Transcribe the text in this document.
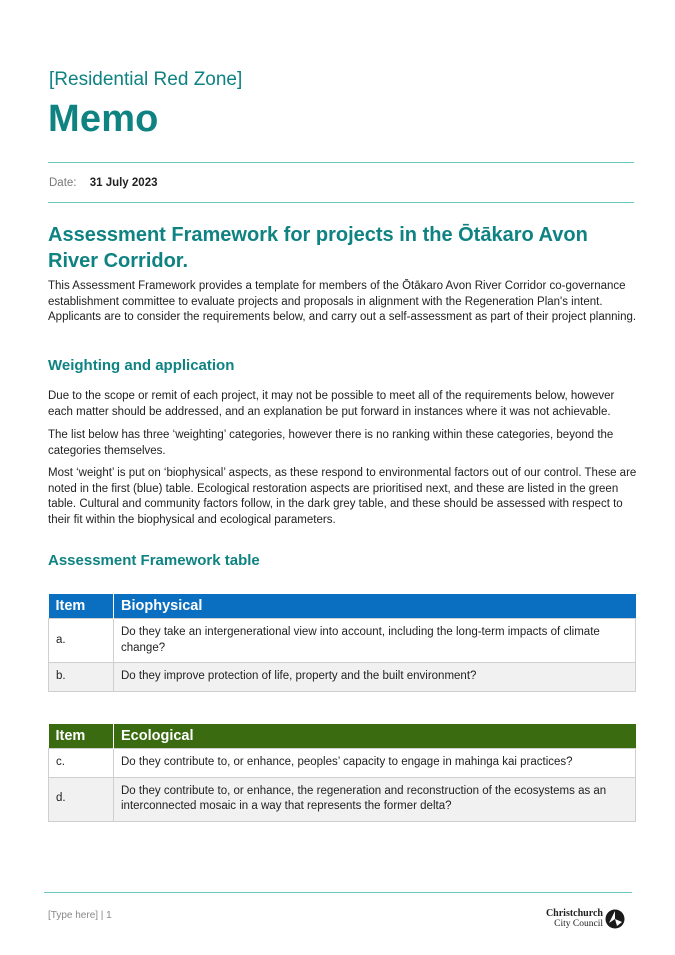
[Residential Red Zone]
Memo
Date: 31 July 2023
Assessment Framework for projects in the Ōtākaro Avon River Corridor.

This Assessment Framework provides a template for members of the Ōtākaro Avon River Corridor co-governance establishment committee to evaluate projects and proposals in alignment with the Regeneration Plan's intent. Applicants are to consider the requirements below, and carry out a self-assessment as part of their project planning.

Weighting and application

Due to the scope or remit of each project, it may not be possible to meet all of the requirements below, however each matter should be addressed, and an explanation be put forward in instances where it was not achievable.

The list below has three ‘weighting’ categories, however there is no ranking within these categories, beyond the categories themselves.

Most ‘weight’ is put on ‘biophysical’ aspects, as these respond to environmental factors out of our control. These are noted in the first (blue) table. Ecological restoration aspects are prioritised next, and these are listed in the green table. Cultural and community factors follow, in the dark grey table, and these should be assessed with respect to their fit within the biophysical and ecological parameters.

Assessment Framework table
Item	Biophysical
a.	Do they take an intergenerational view into account, including the long-term impacts of climate change?
b.	Do they improve protection of life, property and the built environment?
Item	Ecological
c.	Do they contribute to, or enhance, peoples’ capacity to engage in mahinga kai practices?
d.	Do they contribute to, or enhance, the regeneration and reconstruction of the ecosystems as an interconnected mosaic in a way that represents the former delta?
[Type here] | 1	Christchurch
City Council
